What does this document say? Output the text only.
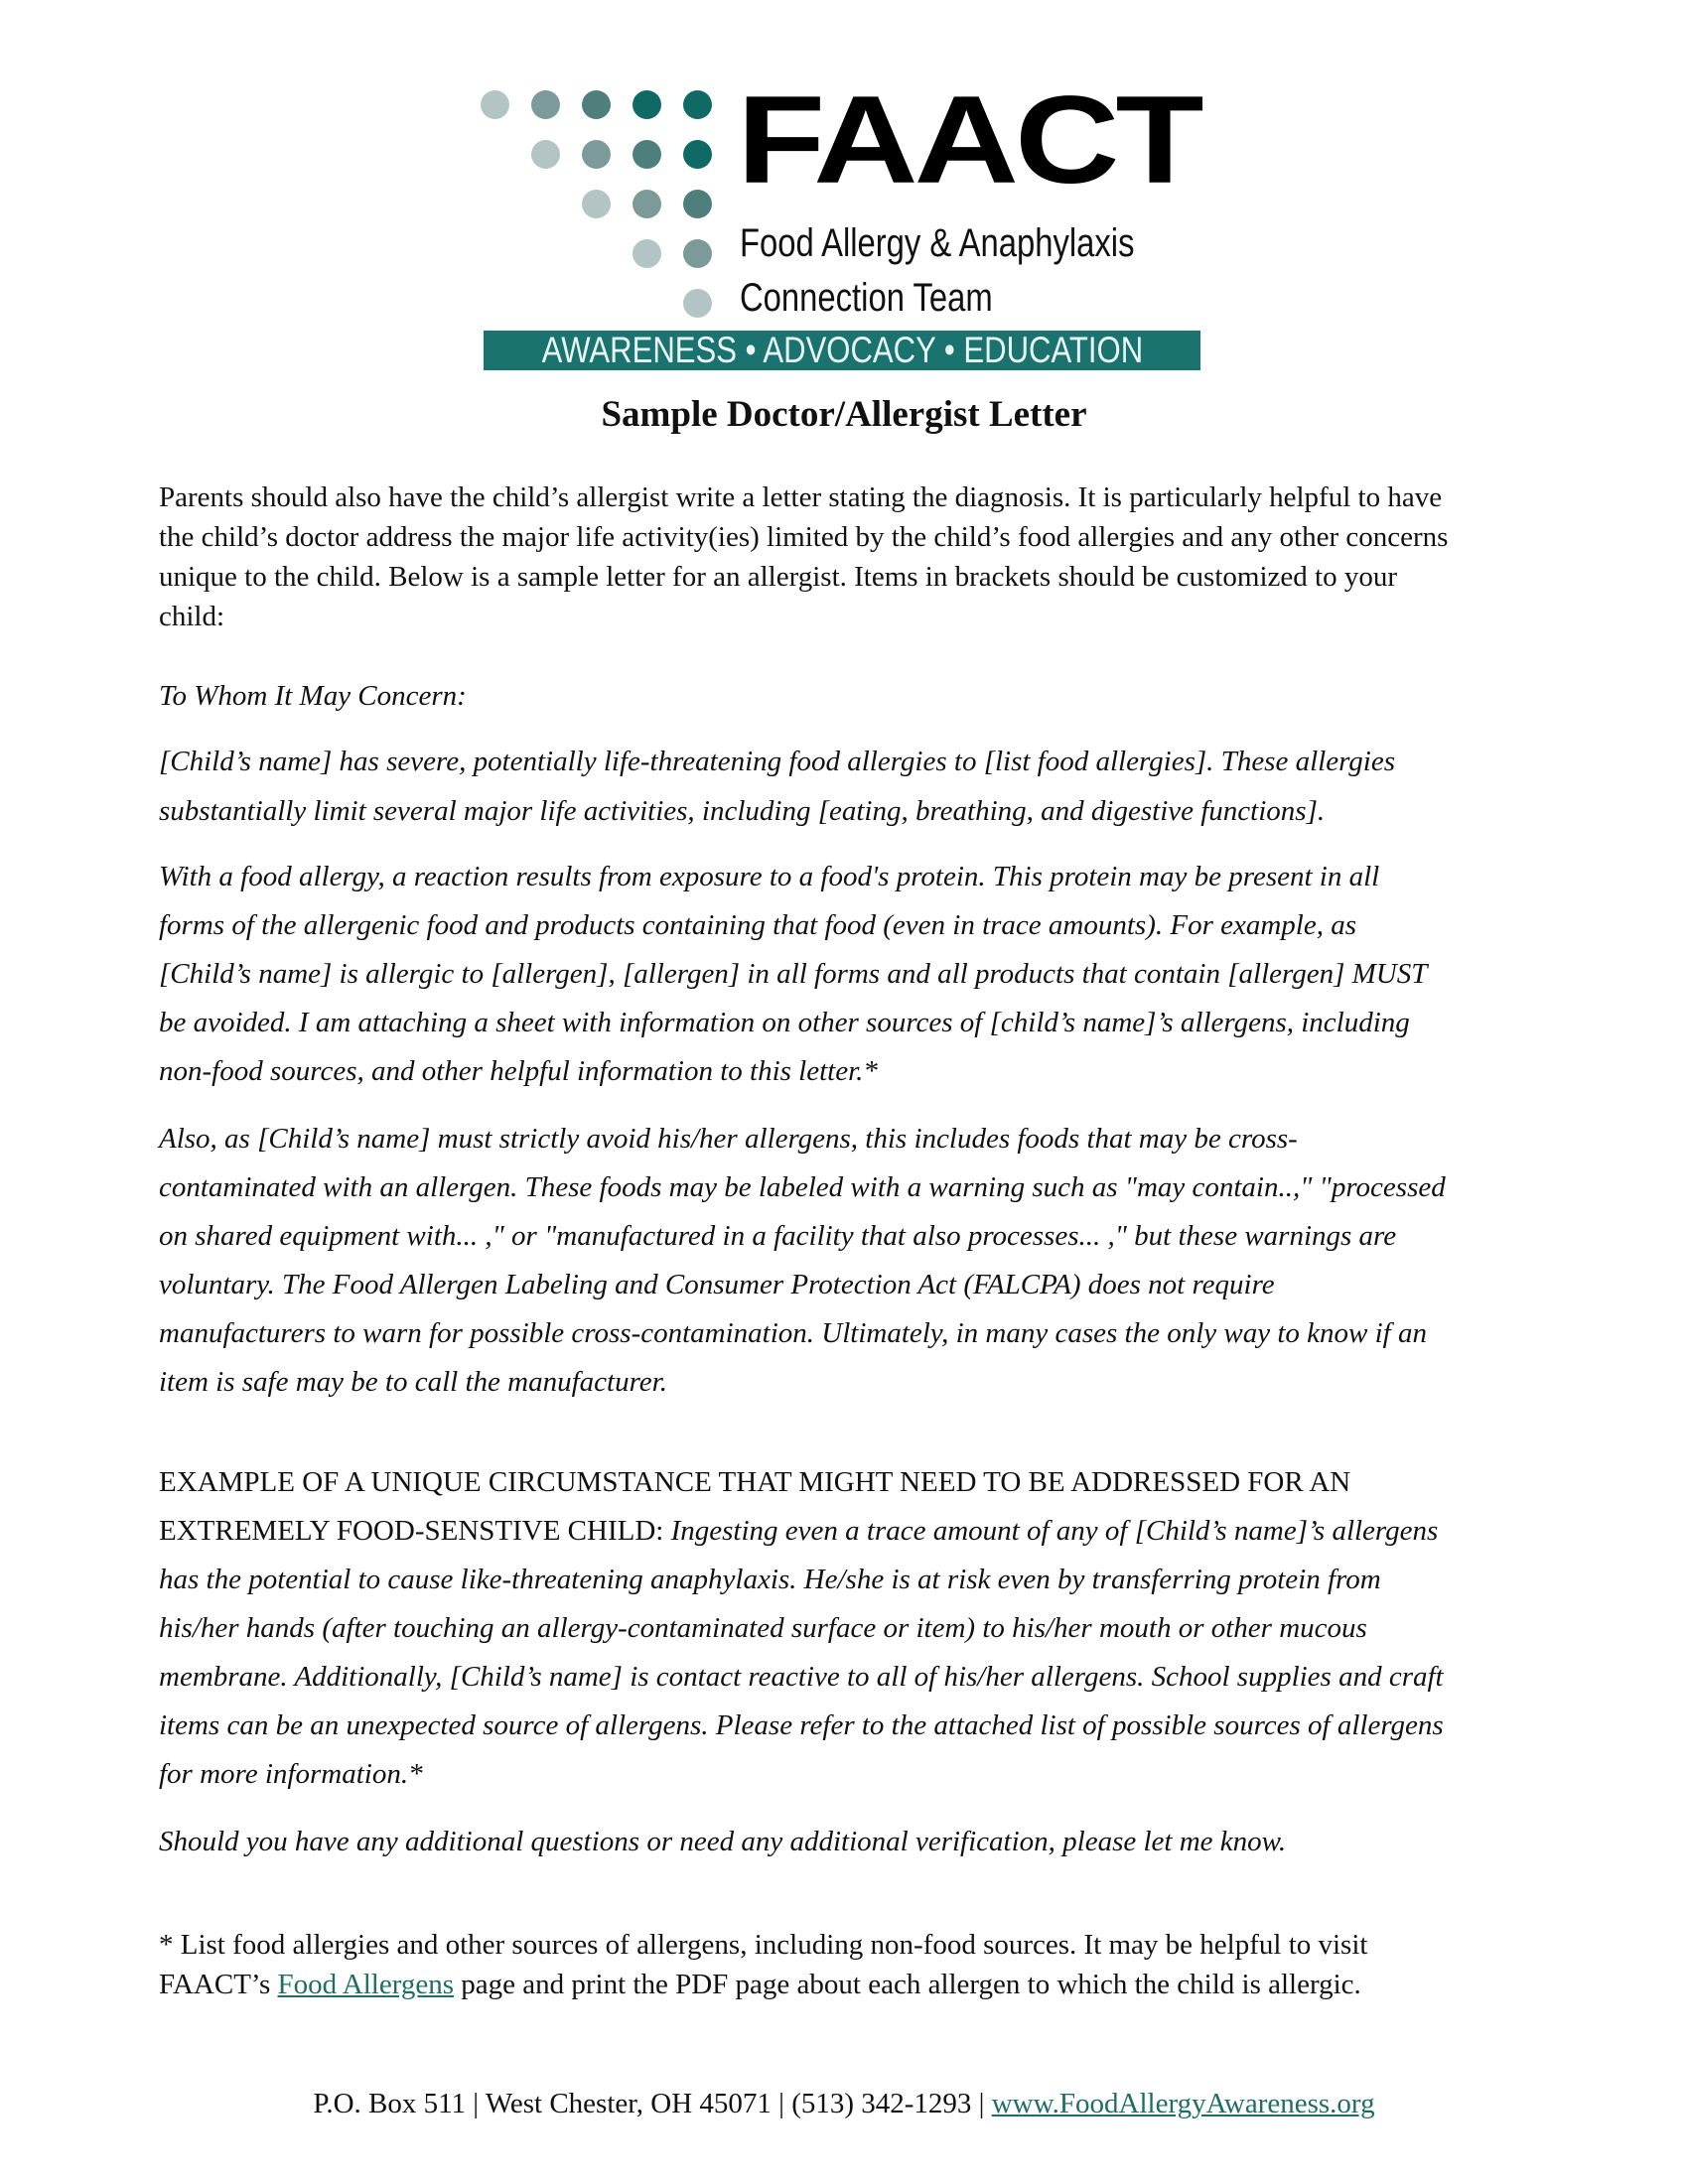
FAACT
Food Allergy & Anaphylaxis
Connection Team
AWARENESS • ADVOCACY • EDUCATION
Sample Doctor/Allergist Letter
Parents should also have the child’s allergist write a letter stating the diagnosis. It is particularly helpful to have
the child’s doctor address the major life activity(ies) limited by the child’s food allergies and any other concerns
unique to the child. Below is a sample letter for an allergist. Items in brackets should be customized to your
child:
To Whom It May Concern:
[Child’s name] has severe, potentially life-threatening food allergies to [list food allergies]. These allergies
substantially limit several major life activities, including [eating, breathing, and digestive functions].
With a food allergy, a reaction results from exposure to a food's protein. This protein may be present in all
forms of the allergenic food and products containing that food (even in trace amounts). For example, as
[Child’s name] is allergic to [allergen], [allergen] in all forms and all products that contain [allergen] MUST
be avoided. I am attaching a sheet with information on other sources of [child’s name]’s allergens, including
non-food sources, and other helpful information to this letter.*
Also, as [Child’s name] must strictly avoid his/her allergens, this includes foods that may be cross-
contaminated with an allergen. These foods may be labeled with a warning such as "may contain..," "processed
on shared equipment with... ," or "manufactured in a facility that also processes... ," but these warnings are
voluntary. The Food Allergen Labeling and Consumer Protection Act (FALCPA) does not require
manufacturers to warn for possible cross-contamination. Ultimately, in many cases the only way to know if an
item is safe may be to call the manufacturer.
EXAMPLE OF A UNIQUE CIRCUMSTANCE THAT MIGHT NEED TO BE ADDRESSED FOR AN
EXTREMELY FOOD-SENSTIVE CHILD: Ingesting even a trace amount of any of [Child’s name]’s allergens
has the potential to cause like-threatening anaphylaxis. He/she is at risk even by transferring protein from
his/her hands (after touching an allergy-contaminated surface or item) to his/her mouth or other mucous
membrane. Additionally, [Child’s name] is contact reactive to all of his/her allergens. School supplies and craft
items can be an unexpected source of allergens. Please refer to the attached list of possible sources of allergens
for more information.*
Should you have any additional questions or need any additional verification, please let me know.
* List food allergies and other sources of allergens, including non-food sources. It may be helpful to visit
FAACT’s Food Allergens page and print the PDF page about each allergen to which the child is allergic.
P.O. Box 511 | West Chester, OH 45071 | (513) 342-1293 | www.FoodAllergyAwareness.org
